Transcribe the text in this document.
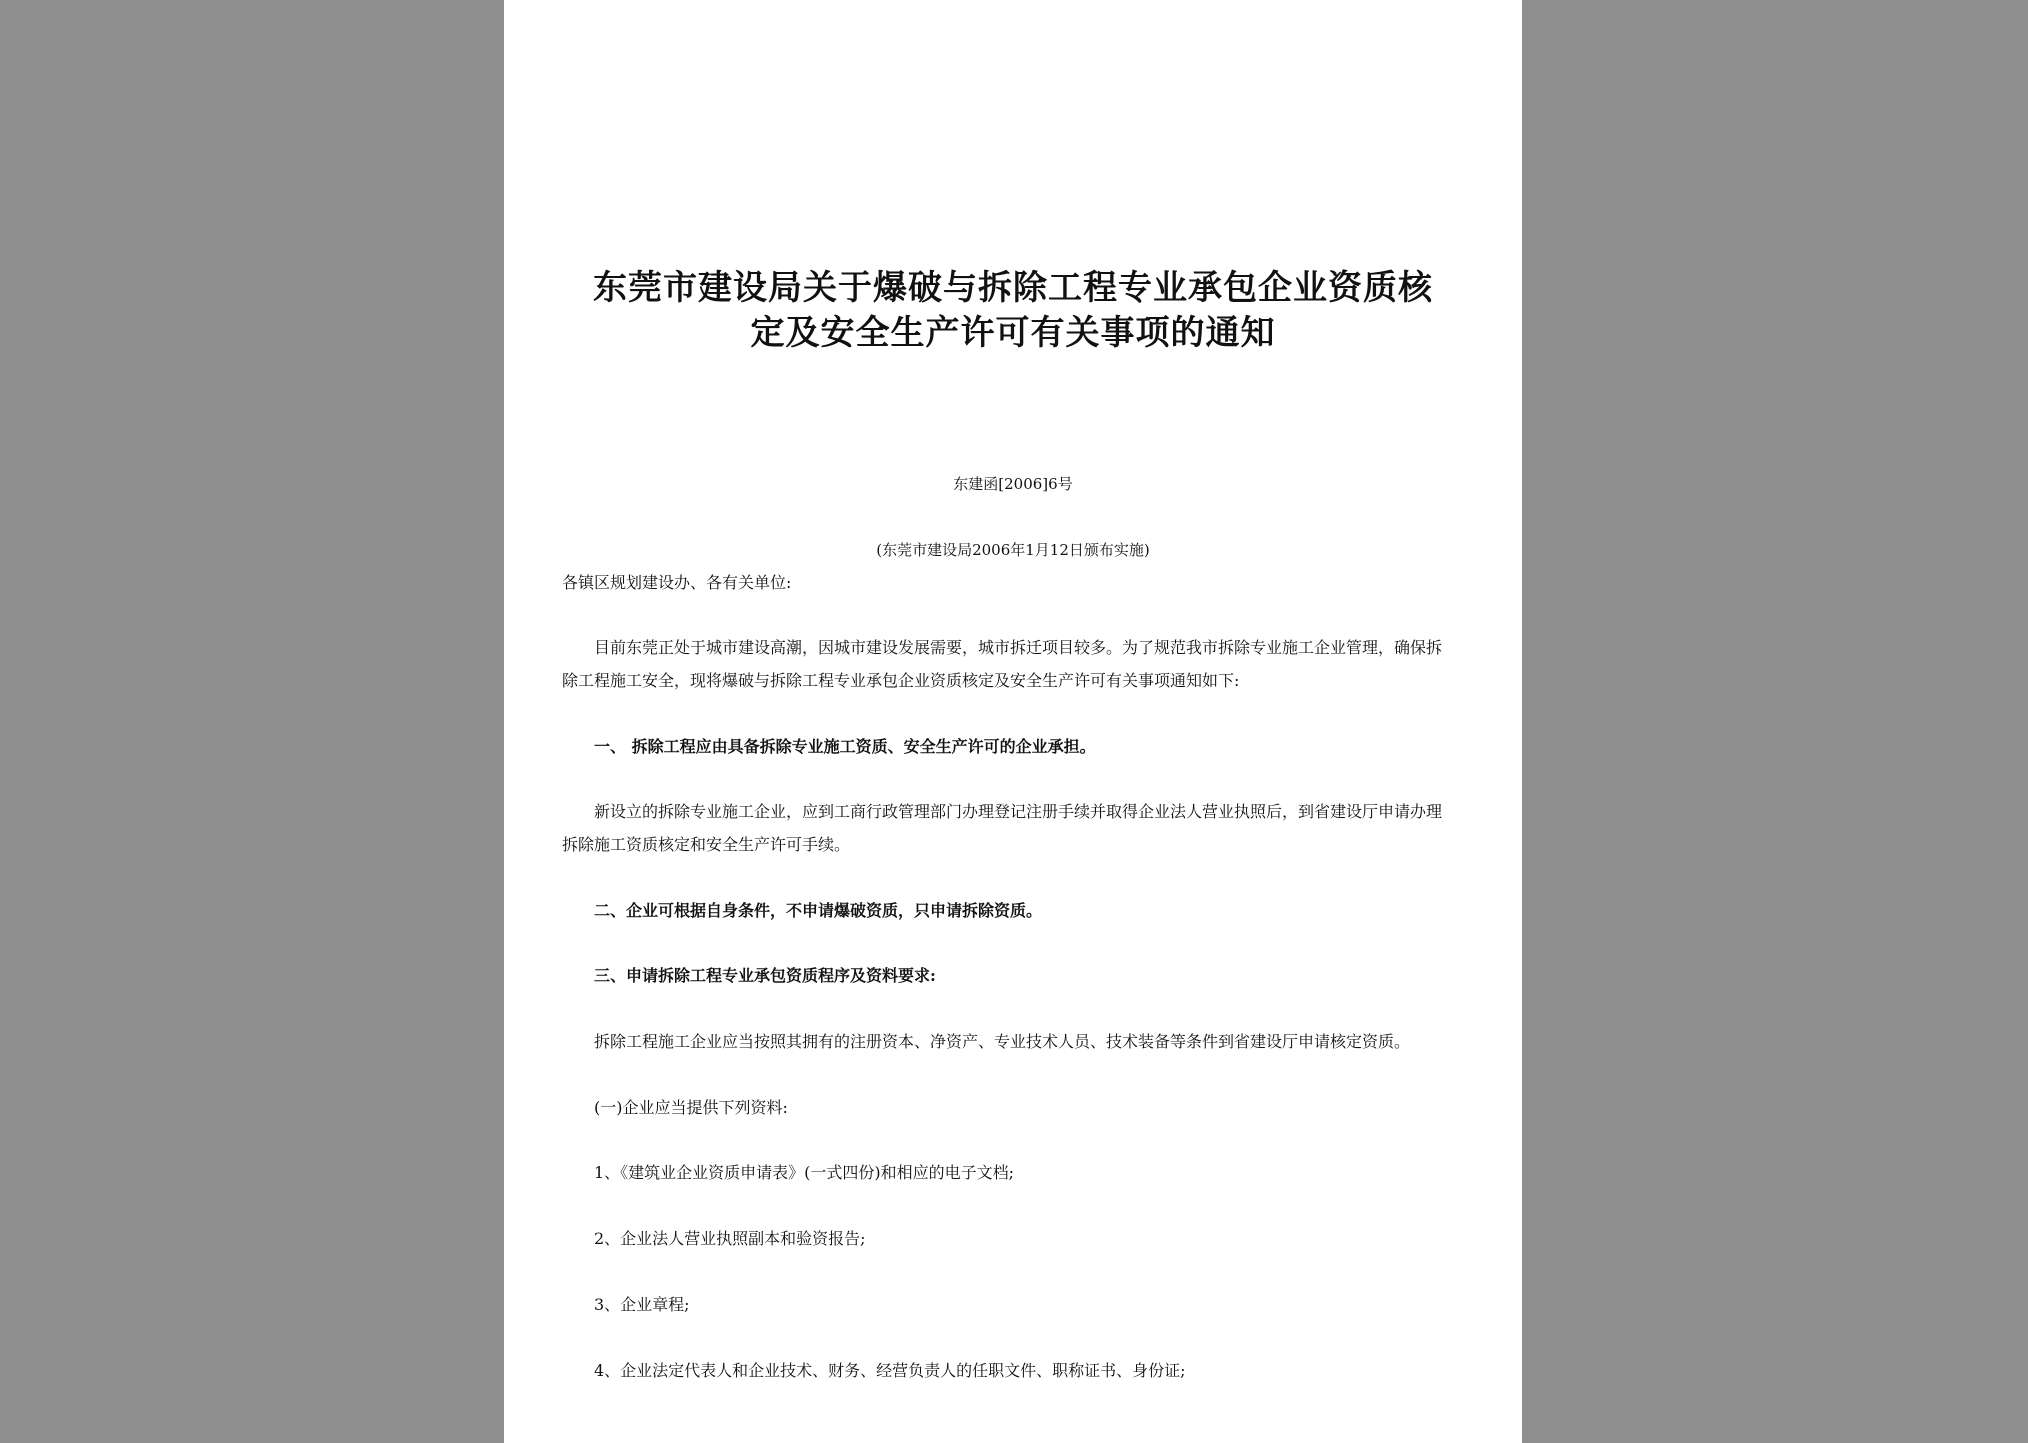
东莞市建设局关于爆破与拆除工程专业承包企业资质核
定及安全生产许可有关事项的通知
东建函[2006]6号
(东莞市建设局2006年1月12日颁布实施)
各镇区规划建设办、各有关单位:
目前东莞正处于城市建设高潮，因城市建设发展需要，城市拆迁项目较多。为了规范我市拆除专业施工企业管理，确保拆
除工程施工安全，现将爆破与拆除工程专业承包企业资质核定及安全生产许可有关事项通知如下:
一、 拆除工程应由具备拆除专业施工资质、安全生产许可的企业承担。
新设立的拆除专业施工企业，应到工商行政管理部门办理登记注册手续并取得企业法人营业执照后，到省建设厅申请办理
拆除施工资质核定和安全生产许可手续。
二、企业可根据自身条件，不申请爆破资质，只申请拆除资质。
三、申请拆除工程专业承包资质程序及资料要求:
拆除工程施工企业应当按照其拥有的注册资本、净资产、专业技术人员、技术装备等条件到省建设厅申请核定资质。
(一)企业应当提供下列资料:
1、《建筑业企业资质申请表》(一式四份)和相应的电子文档;
2、企业法人营业执照副本和验资报告;
3、企业章程;
4、企业法定代表人和企业技术、财务、经营负责人的任职文件、职称证书、身份证;
